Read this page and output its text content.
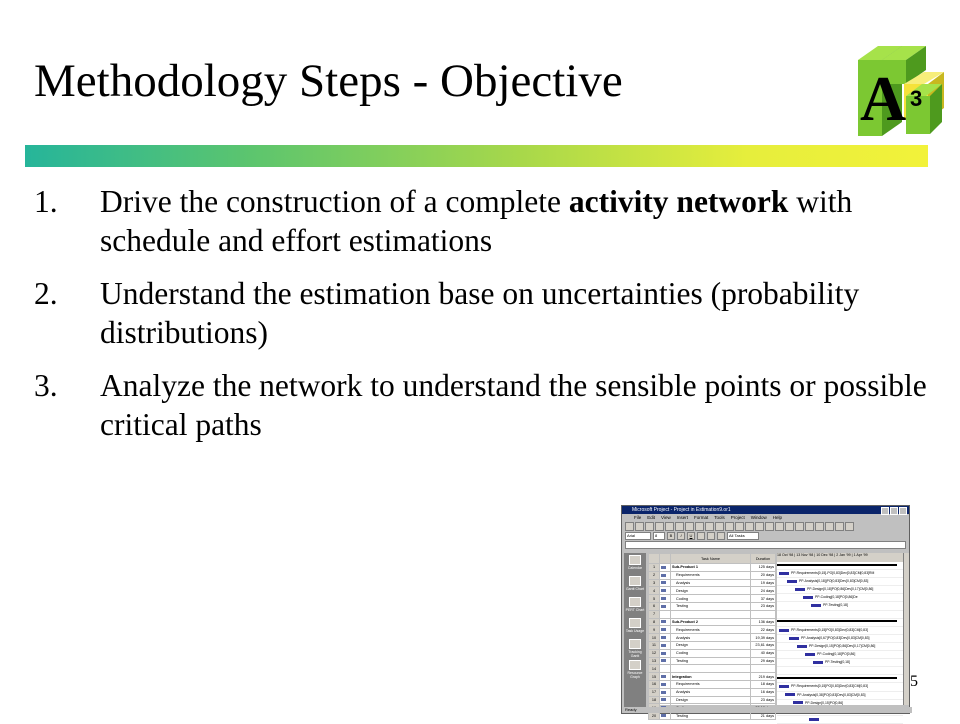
Methodology Steps - Objective	A 3
1.	Drive the construction of a complete activity network with schedule and effort estimations
2.	Understand the estimation base on uncertainties (probability distributions)
3.	Analyze the network to understand the sensible points or possible critical paths
Microsoft Project - Project in Estimation9.or1
File Edit View Insert Format Tools Project Window Help
Arial	8	B	I	U	All Tasks
Calendar
Gantt Chart
PERT Chart
Task Usage
Tracking Gantt
Resource Graph
		Task Name	Duration
1		Sub-Product 1	125 days
2		Requirements	20 days
3		Analysis	19 days
4		Design	24 days
5		Coding	37 days
6		Testing	23 days
7			
8		Sub-Product 2	136 days
9		Requirements	22 days
10		Analysis	19,39 days
11		Design	23,61 days
12		Coding	40 days
13		Testing	29 days
14			
15		Integration	219 days
16		Requirements	18 days
17		Analysis	16 days
18		Design	23 days

20		Testing	21 days
18 Oct '98 | 13 Nov '98 | 10 Dec '98 | 2 Jan '99 | 1 Apr '99
PP-Requirements[0,15]-PO[0,83]Dev[0,83]CM[0,83]RM
PP-Analysis[0,18]|PO[0,83]Dev[0,83]CM[0,83]
PP-Design[0,18]PO[0,86]Dev[0,17]CM[0,86]
PP-Coding[0,18]PO[0,86]De
PP-Testing[0,18]
PP-Requirements[0,15]PO[0,83]Dev[0,83]CM[0,83]
PP-Analysis[0,67]PO[0,83]Dev[0,83]CM[0,83]
PP-Design[0,15]PO[0,86]Dev[0,17]CM[0,86]
PP-Coding[0,18]PO[0,86]
PP-Testing[0,18]
PP-Requirements[0,15]PO[0,83]Dev[0,83]CM[0,83]
PP-Analysis[0,38]PO[0,83]Dev[0,83]CM[0,83]
PP-Design[0,15]PO[0,86]
Ready
5
